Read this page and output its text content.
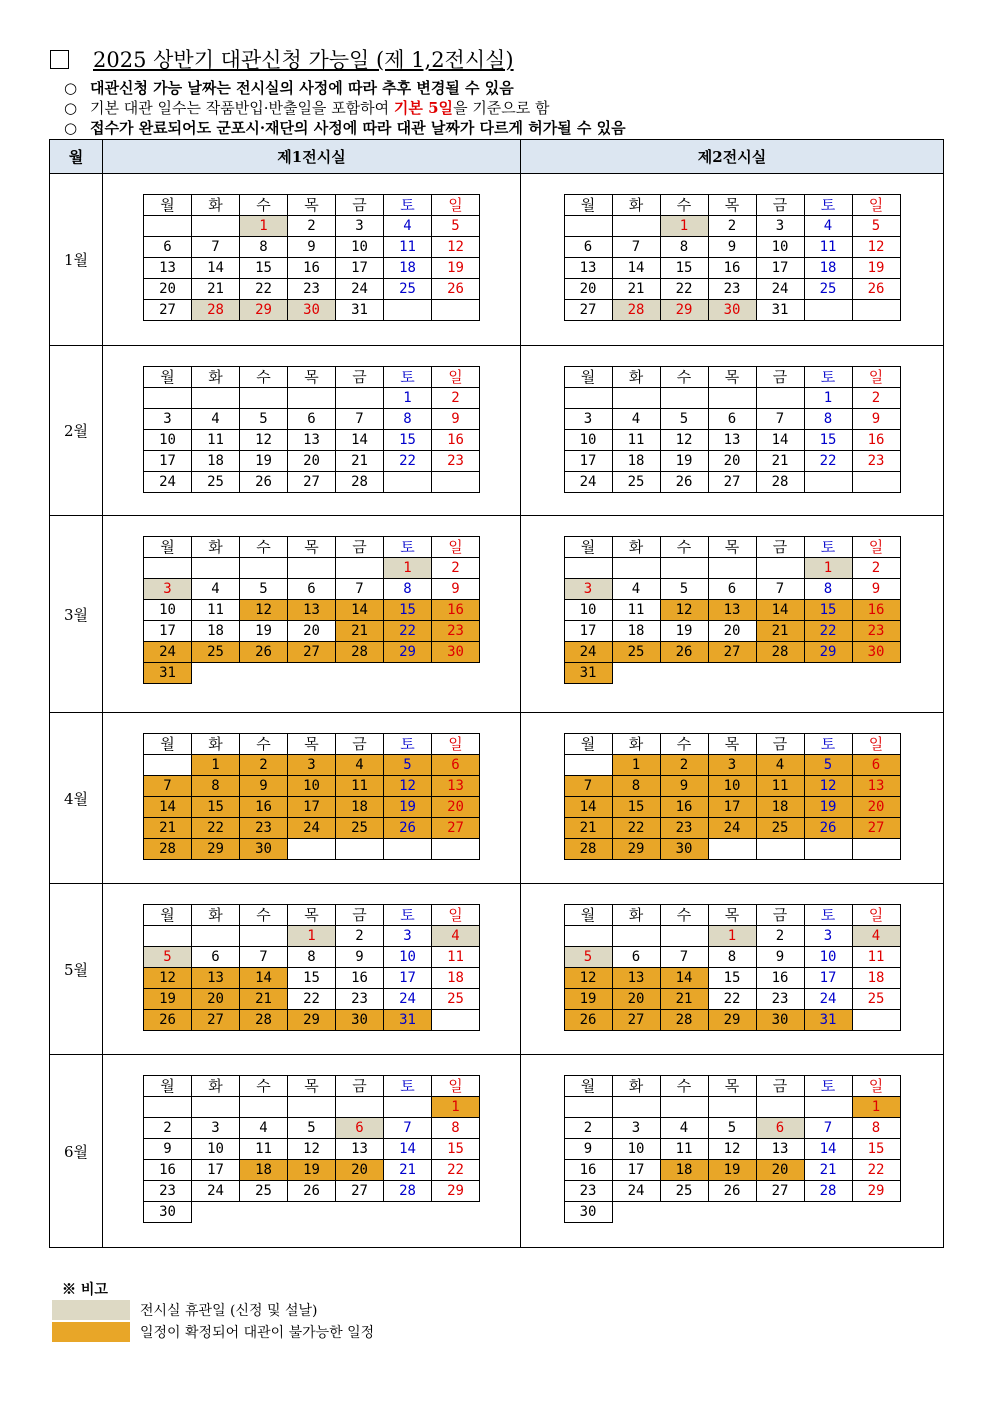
2025 상반기 대관신청 가능일 (제 1,2전시실)
○ 대관신청 가능 날짜는 전시실의 사정에 따라 추후 변경될 수 있음
○ 기본 대관 일수는 작품반입·반출일을 포함하여 기본 5일을 기준으로 함
○ 접수가 완료되어도 군포시·재단의 사정에 따라 대관 날짜가 다르게 허가될 수 있음
월	제1전시실	제2전시실
1월	
월	화	수	목	금	토	일
		1	2	3	4	5
6	7	8	9	10	11	12
13	14	15	16	17	18	19
20	21	22	23	24	25	26
27	28	29	30	31		

월	화	수	목	금	토	일
		1	2	3	4	5
6	7	8	9	10	11	12
13	14	15	16	17	18	19
20	21	22	23	24	25	26
27	28	29	30	31		

2월	
월	화	수	목	금	토	일
					1	2
3	4	5	6	7	8	9
10	11	12	13	14	15	16
17	18	19	20	21	22	23
24	25	26	27	28		

월	화	수	목	금	토	일
					1	2
3	4	5	6	7	8	9
10	11	12	13	14	15	16
17	18	19	20	21	22	23
24	25	26	27	28		

3월	
월	화	수	목	금	토	일
					1	2
3	4	5	6	7	8	9
10	11	12	13	14	15	16
17	18	19	20	21	22	23
24	25	26	27	28	29	30
31	

월	화	수	목	금	토	일
					1	2
3	4	5	6	7	8	9
10	11	12	13	14	15	16
17	18	19	20	21	22	23
24	25	26	27	28	29	30
31	

4월	
월	화	수	목	금	토	일
	1	2	3	4	5	6
7	8	9	10	11	12	13
14	15	16	17	18	19	20
21	22	23	24	25	26	27
28	29	30				

월	화	수	목	금	토	일
	1	2	3	4	5	6
7	8	9	10	11	12	13
14	15	16	17	18	19	20
21	22	23	24	25	26	27
28	29	30				

5월	
월	화	수	목	금	토	일
			1	2	3	4
5	6	7	8	9	10	11
12	13	14	15	16	17	18
19	20	21	22	23	24	25
26	27	28	29	30	31	

월	화	수	목	금	토	일
			1	2	3	4
5	6	7	8	9	10	11
12	13	14	15	16	17	18
19	20	21	22	23	24	25
26	27	28	29	30	31	

6월	
월	화	수	목	금	토	일
						1
2	3	4	5	6	7	8
9	10	11	12	13	14	15
16	17	18	19	20	21	22
23	24	25	26	27	28	29
30	

월	화	수	목	금	토	일
						1
2	3	4	5	6	7	8
9	10	11	12	13	14	15
16	17	18	19	20	21	22
23	24	25	26	27	28	29
30	
※ 비고
전시실 휴관일 (신정 및 설날)
일정이 확정되어 대관이 불가능한 일정
